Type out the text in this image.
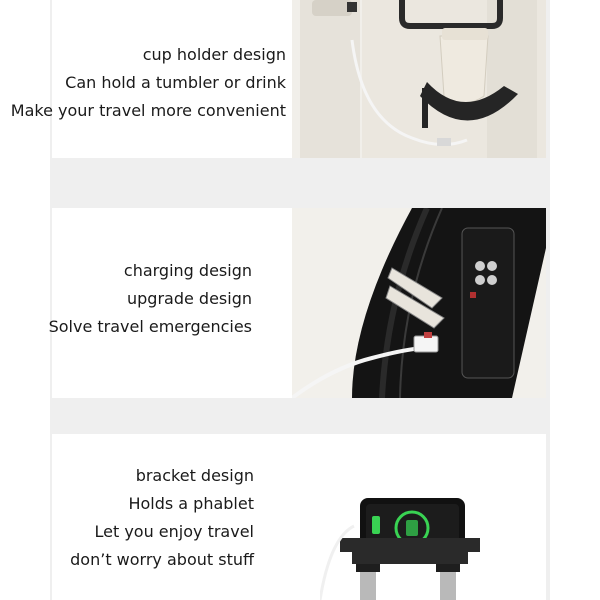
cup holder design
Can hold a tumbler or drink
Make your travel more convenient
charging design
upgrade design
Solve travel emergencies
bracket design
Holds a phablet
Let you enjoy travel
don’t worry about stuff
